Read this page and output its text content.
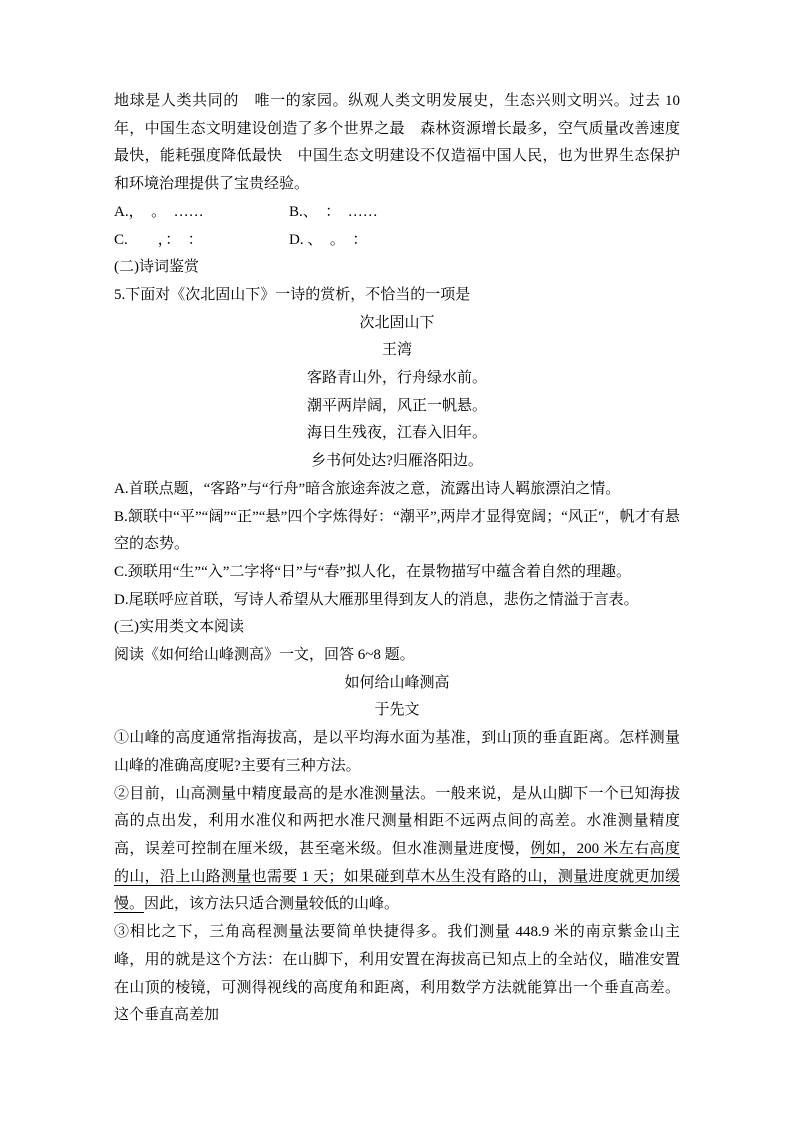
地球是人类共同的　唯一的家园。纵观人类文明发展史，生态兴则文明兴。过去 10 年，中国生态文明建设创造了多个世界之最　森林资源增长最多，空气质量改善速度最快，能耗强度降低最快　中国生态文明建设不仅造福中国人民，也为世界生态保护和环境治理提供了宝贵经验。

A.，　。　……	B.、　：　……
C.　　，：　：	D. 、　。　：

(二)诗词鉴赏

5.下面对《次北固山下》一诗的赏析，不恰当的一项是

次北固山下

王湾

客路青山外，行舟绿水前。

潮平两岸阔，风正一帆悬。

海日生残夜，江春入旧年。

乡书何处达?归雁洛阳边。

A.首联点题，“客路”与“行舟”暗含旅途奔波之意，流露出诗人羁旅漂泊之情。

B.颔联中“平”“阔”“正”“悬”四个字炼得好：“潮平”,两岸才显得宽阔；“风正″，帆才有悬空的态势。

C.颈联用“生”“入”二字将“日”与“春”拟人化，在景物描写中蕴含着自然的理趣。

D.尾联呼应首联，写诗人希望从大雁那里得到友人的消息，悲伤之情溢于言表。

(三)实用类文本阅读

阅读《如何给山峰测高》一文，回答 6~8 题。

如何给山峰测高

于先文

①山峰的高度通常指海拔高，是以平均海水面为基准，到山顶的垂直距离。怎样测量山峰的准确高度呢?主要有三种方法。

②目前，山高测量中精度最高的是水准测量法。一般来说，是从山脚下一个已知海拔高的点出发，利用水准仪和两把水准尺测量相距不远两点间的高差。水准测量精度高，误差可控制在厘米级，甚至毫米级。但水准测量进度慢，例如，200 米左右高度的山，沿上山路测量也需要 1 天；如果碰到草木丛生没有路的山，测量进度就更加缓慢。因此，该方法只适合测量较低的山峰。

③相比之下，三角高程测量法要简单快捷得多。我们测量 448.9 米的南京紫金山主峰，用的就是这个方法：在山脚下，利用安置在海拔高已知点上的全站仪，瞄准安置在山顶的棱镜，可测得视线的高度角和距离，利用数学方法就能算出一个垂直高差。这个垂直高差加
